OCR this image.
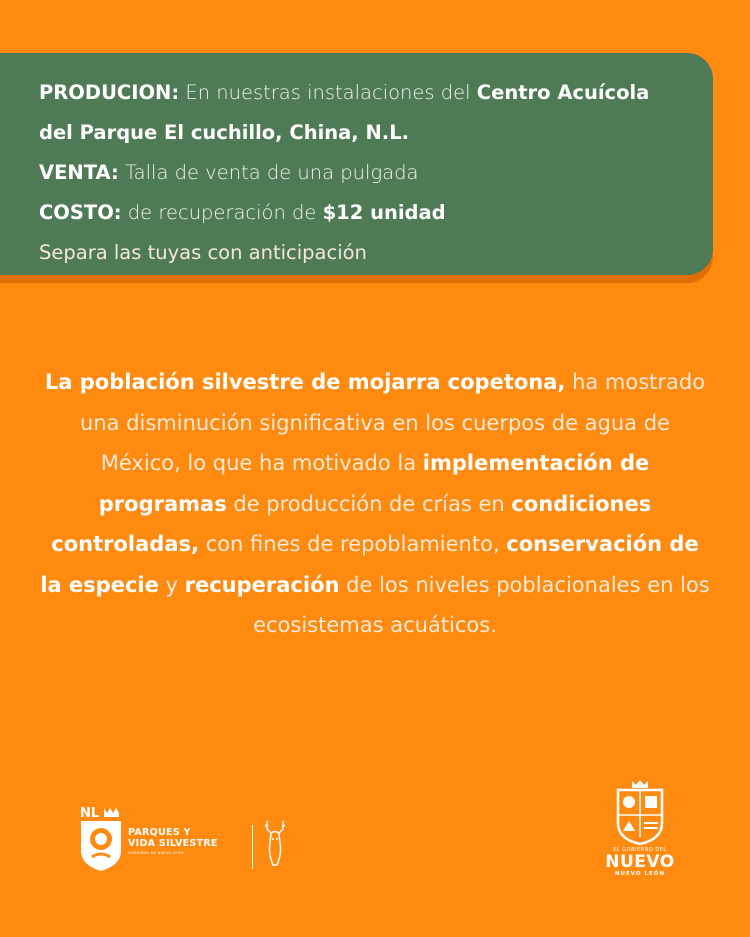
PRODUCION: En nuestras instalaciones del Centro Acuícola
del Parque El cuchillo, China, N.L.
VENTA: Talla de venta de una pulgada
COSTO: de recuperación de $12 unidad
Separa las tuyas con anticipación
La población silvestre de mojarra copetona, ha mostrado una disminución significativa en los cuerpos de agua de México, lo que ha motivado la implementación de programas de producción de crías en condiciones controladas, con fines de repoblamiento, conservación de la especie y recuperación de los niveles poblacionales en los ecosistemas acuáticos.
NL
PARQUES Y
VIDA SILVESTRE
GOBIERNO DE NUEVO LEÓN	EL GOBIERNO DEL
NUEVO
NUEVO LEÓN
